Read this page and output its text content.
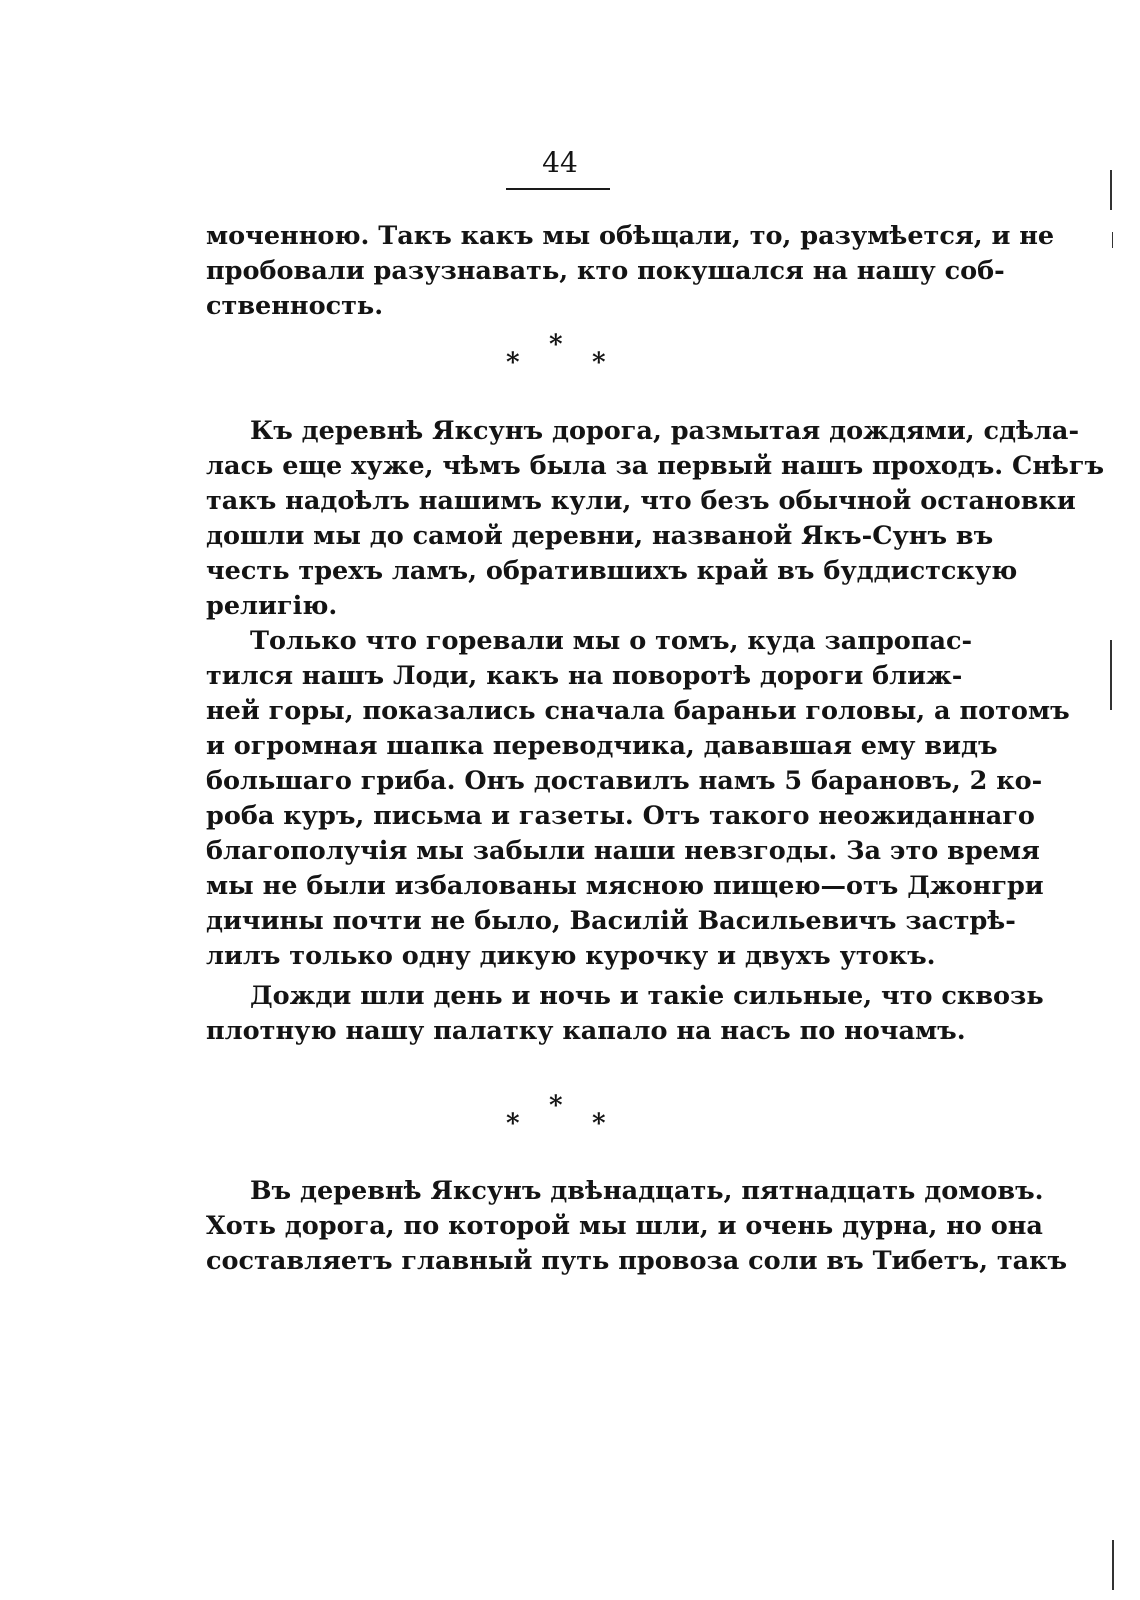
44
моченною. Такъ какъ мы обѣщали, то, разумѣется, и не
пробовали разузнавать, кто покушался на нашу соб-
ственность.
*
*
*
Къ деревнѣ Яксунъ дорога, размытая дождями, сдѣла-
лась еще хуже, чѣмъ была за первый нашъ проходъ. Снѣгъ
такъ надоѣлъ нашимъ кули, что безъ обычной остановки
дошли мы до самой деревни, названой Якъ-Сунъ въ
честь трехъ ламъ, обратившихъ край въ буддистскую
религію.
Только что горевали мы о томъ, куда запропас-
тился нашъ Лоди, какъ на поворотѣ дороги ближ-
ней горы, показались сначала бараньи головы, а потомъ
и огромная шапка переводчика, дававшая ему видъ
большаго гриба. Онъ доставилъ намъ 5 барановъ, 2 ко-
роба куръ, письма и газеты. Отъ такого неожиданнаго
благополучія мы забыли наши невзгоды. За это время
мы не были избалованы мясною пищею—отъ Джонгри
дичины почти не было, Василій Васильевичъ застрѣ-
лилъ только одну дикую курочку и двухъ утокъ.
Дожди шли день и ночь и такіе сильные, что сквозь
плотную нашу палатку капало на насъ по ночамъ.
*
*
*
Въ деревнѣ Яксунъ двѣнадцать, пятнадцать домовъ.
Хоть дорога, по которой мы шли, и очень дурна, но она
составляетъ главный путь провоза соли въ Тибетъ, такъ
